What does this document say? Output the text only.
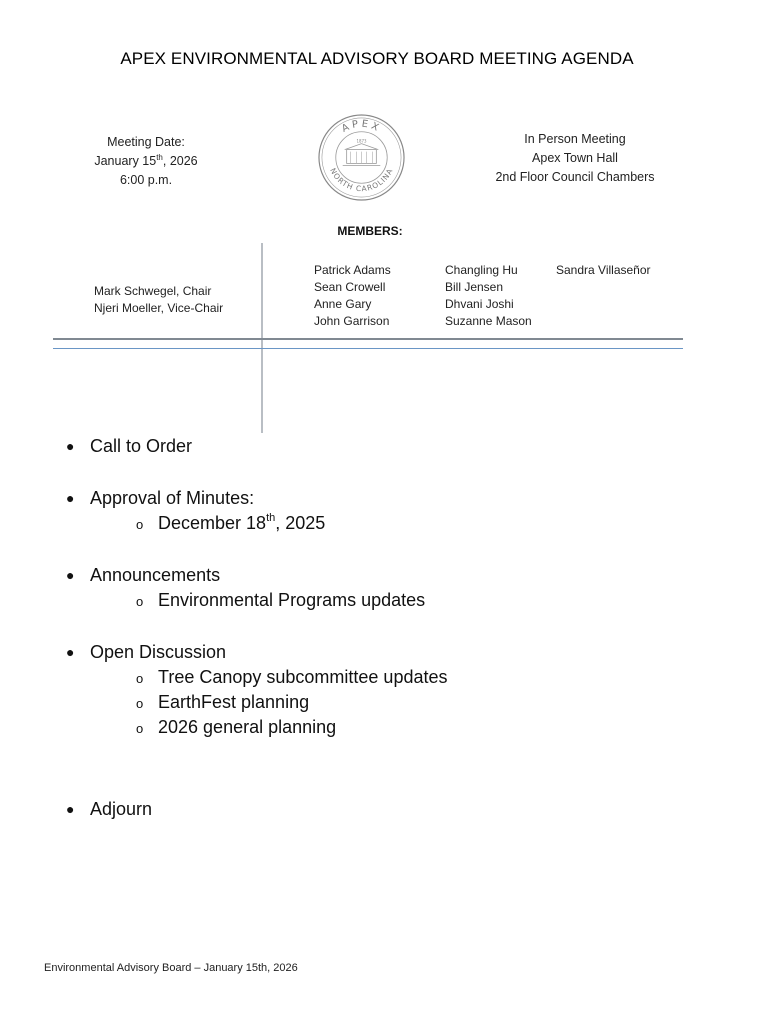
APEX ENVIRONMENTAL ADVISORY BOARD MEETING AGENDA
Meeting Date:
January 15th, 2026
6:00 p.m.
APEX
NORTH CAROLINA
1873	In Person Meeting
Apex Town Hall
2nd Floor Council Chambers
MEMBERS:
Mark Schwegel, Chair
Njeri Moeller, Vice-Chair
Patrick Adams
Sean Crowell
Anne Gary
John Garrison
Changling Hu
Bill Jensen
Dhvani Joshi
Suzanne Mason
Sandra Villaseñor
● Call to Order
● Approval of Minutes:
o December 18th, 2025
● Announcements
o Environmental Programs updates
● Open Discussion
o Tree Canopy subcommittee updates
o EarthFest planning
o 2026 general planning
● Adjourn
Environmental Advisory Board – January 15th, 2026
